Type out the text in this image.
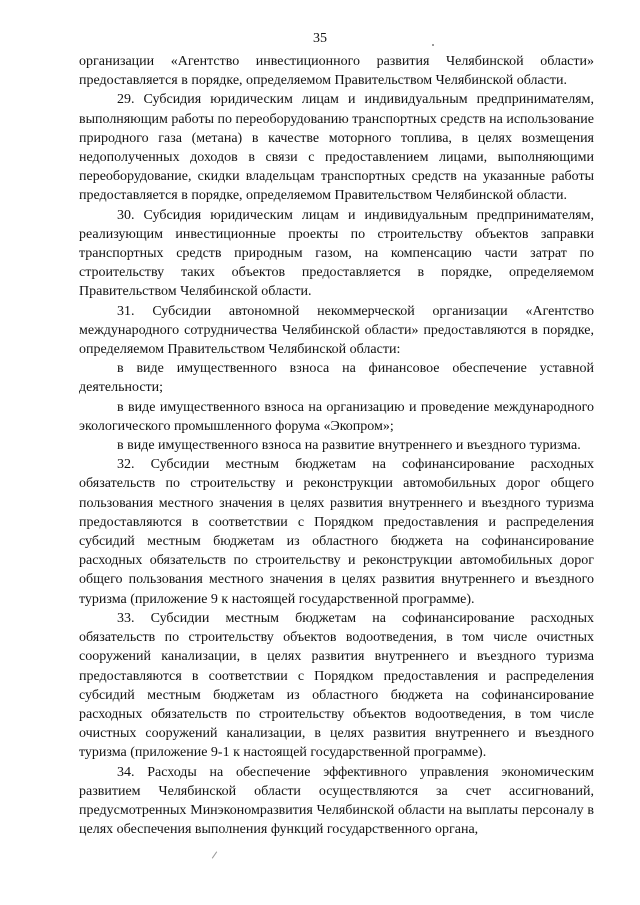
35

организации «Агентство инвестиционного развития Челябинской области» предоставляется в порядке, определяемом Правительством Челябинской области.

29. Субсидия юридическим лицам и индивидуальным предпринимателям, выполняющим работы по переоборудованию транспортных средств на использование природного газа (метана) в качестве моторного топлива, в целях возмещения недополученных доходов в связи с предоставлением лицами, выполняющими переоборудование, скидки владельцам транспортных средств на указанные работы предоставляется в порядке, определяемом Правительством Челябинской области.

30. Субсидия юридическим лицам и индивидуальным предпринимателям, реализующим инвестиционные проекты по строительству объектов заправки транспортных средств природным газом, на компенсацию части затрат по строительству таких объектов предоставляется в порядке, определяемом Правительством Челябинской области.

31. Субсидии автономной некоммерческой организации «Агентство международного сотрудничества Челябинской области» предоставляются в порядке, определяемом Правительством Челябинской области:

в виде имущественного взноса на финансовое обеспечение уставной деятельности;

в виде имущественного взноса на организацию и проведение международного экологического промышленного форума «Экопром»;

в виде имущественного взноса на развитие внутреннего и въездного туризма.

32. Субсидии местным бюджетам на софинансирование расходных обязательств по строительству и реконструкции автомобильных дорог общего пользования местного значения в целях развития внутреннего и въездного туризма предоставляются в соответствии с Порядком предоставления и распределения субсидий местным бюджетам из областного бюджета на софинансирование расходных обязательств по строительству и реконструкции автомобильных дорог общего пользования местного значения в целях развития внутреннего и въездного туризма (приложение 9 к настоящей государственной программе).

33. Субсидии местным бюджетам на софинансирование расходных обязательств по строительству объектов водоотведения, в том числе очистных сооружений канализации, в целях развития внутреннего и въездного туризма предоставляются в соответствии с Порядком предоставления и распределения субсидий местным бюджетам из областного бюджета на софинансирование расходных обязательств по строительству объектов водоотведения, в том числе очистных сооружений канализации, в целях развития внутреннего и въездного туризма (приложение 9-1 к настоящей государственной программе).

34. Расходы на обеспечение эффективного управления экономическим развитием Челябинской области осуществляются за счет ассигнований, предусмотренных Минэкономразвития Челябинской области на выплаты персоналу в целях обеспечения выполнения функций государственного органа,
